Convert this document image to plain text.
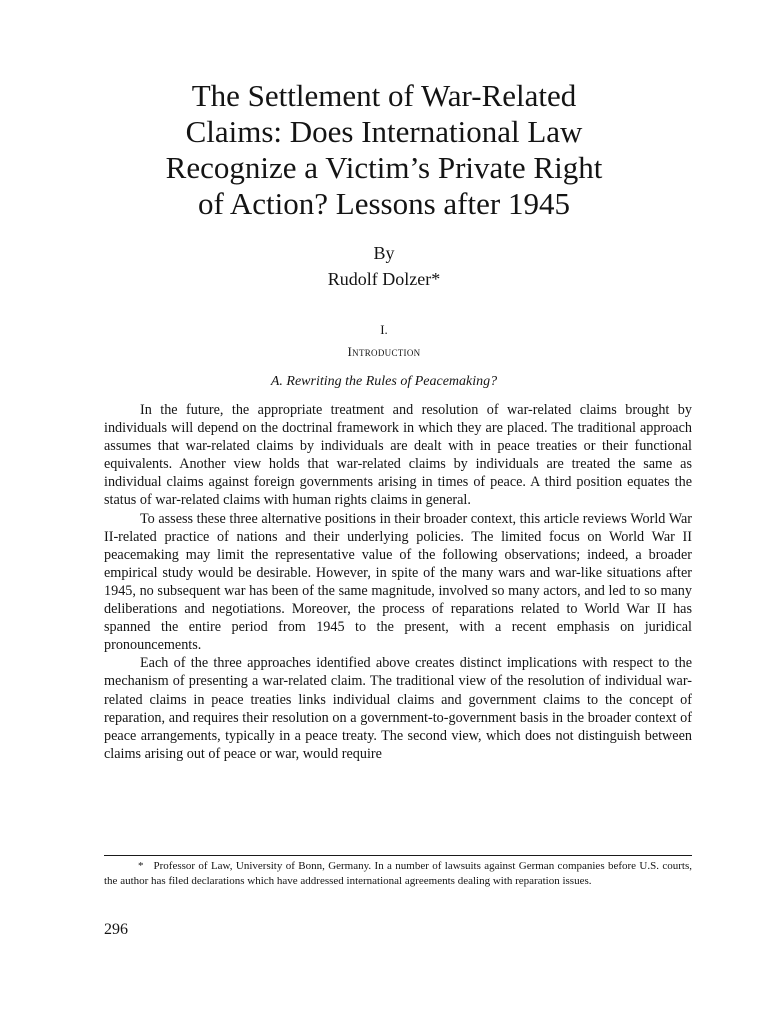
The Settlement of War-Related
Claims: Does International Law
Recognize a Victim’s Private Right
of Action? Lessons after 1945
By
Rudolf Dolzer*
I.
Introduction
A. Rewriting the Rules of Peacemaking?

In the future, the appropriate treatment and resolution of war-related claims brought by individuals will depend on the doctrinal framework in which they are placed. The traditional approach assumes that war-related claims by individuals are dealt with in peace treaties or their functional equivalents. Another view holds that war-related claims by individuals are treated the same as individual claims against foreign governments arising in times of peace. A third position equates the status of war-related claims with human rights claims in general.

To assess these three alternative positions in their broader context, this article reviews World War II-related practice of nations and their underlying policies. The limited focus on World War II peacemaking may limit the representative value of the following observations; indeed, a broader empirical study would be desirable. However, in spite of the many wars and war-like situations after 1945, no subsequent war has been of the same magnitude, involved so many actors, and led to so many deliberations and negotiations. Moreover, the process of reparations related to World War II has spanned the entire period from 1945 to the present, with a recent emphasis on juridical pronouncements.

Each of the three approaches identified above creates distinct implications with respect to the mechanism of presenting a war-related claim. The traditional view of the resolution of individual war-related claims in peace treaties links individual claims and government claims to the concept of reparation, and requires their resolution on a government-to-government basis in the broader context of peace arrangements, typically in a peace treaty. The second view, which does not distinguish between claims arising out of peace or war, would require

* Professor of Law, University of Bonn, Germany. In a number of lawsuits against German companies before U.S. courts, the author has filed declarations which have addressed international agreements dealing with reparation issues.
296
